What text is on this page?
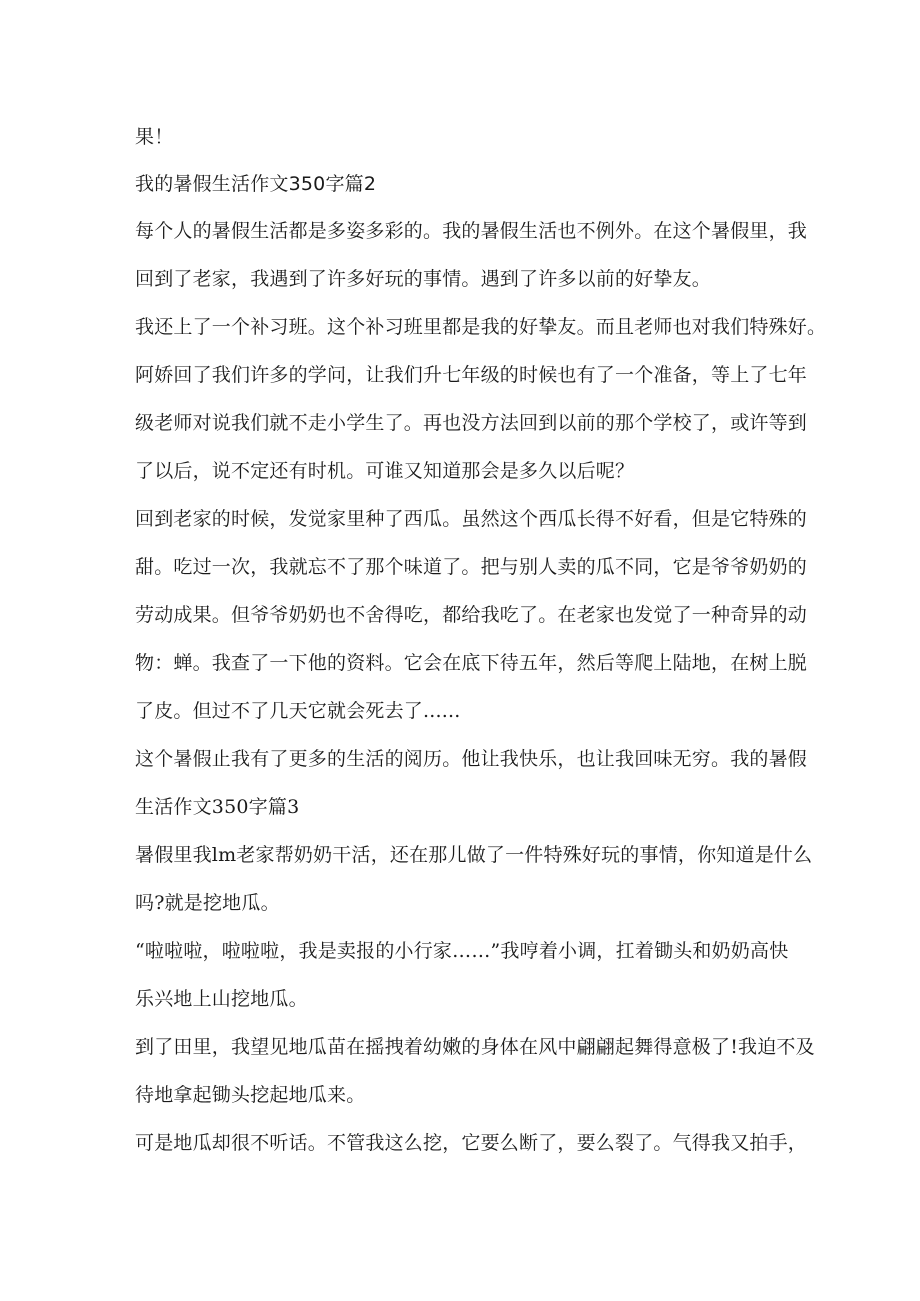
果！
我的暑假生活作文350字篇2
每个人的暑假生活都是多姿多彩的。我的暑假生活也不例外。在这个暑假里，我
回到了老家，我遇到了许多好玩的事情。遇到了许多以前的好挚友。
我还上了一个补习班。这个补习班里都是我的好挚友。而且老师也对我们特殊好。
阿娇回了我们许多的学问，让我们升七年级的时候也有了一个准备，等上了七年
级老师对说我们就不走小学生了。再也没方法回到以前的那个学校了，或许等到
了以后，说不定还有时机。可谁又知道那会是多久以后呢？
回到老家的时候，发觉家里种了西瓜。虽然这个西瓜长得不好看，但是它特殊的
甜。吃过一次，我就忘不了那个味道了。把与别人卖的瓜不同，它是爷爷奶奶的
劳动成果。但爷爷奶奶也不舍得吃，都给我吃了。在老家也发觉了一种奇异的动
物：蝉。我查了一下他的资料。它会在底下待五年，然后等爬上陆地，在树上脱
了皮。但过不了几天它就会死去了......
这个暑假止我有了更多的生活的阅历。他让我快乐，也让我回味无穷。我的暑假
生活作文350字篇3
暑假里我lm老家帮奶奶干活，还在那儿做了一件特殊好玩的事情，你知道是什么
吗?就是挖地瓜。
“啦啦啦，啦啦啦，我是卖报的小行家……”我哼着小调，扛着锄头和奶奶高快
乐兴地上山挖地瓜。
到了田里，我望见地瓜苗在摇拽着幼嫩的身体在风中翩翩起舞得意极了!我迫不及
待地拿起锄头挖起地瓜来。
可是地瓜却很不听话。不管我这么挖，它要么断了，要么裂了。气得我又拍手，
